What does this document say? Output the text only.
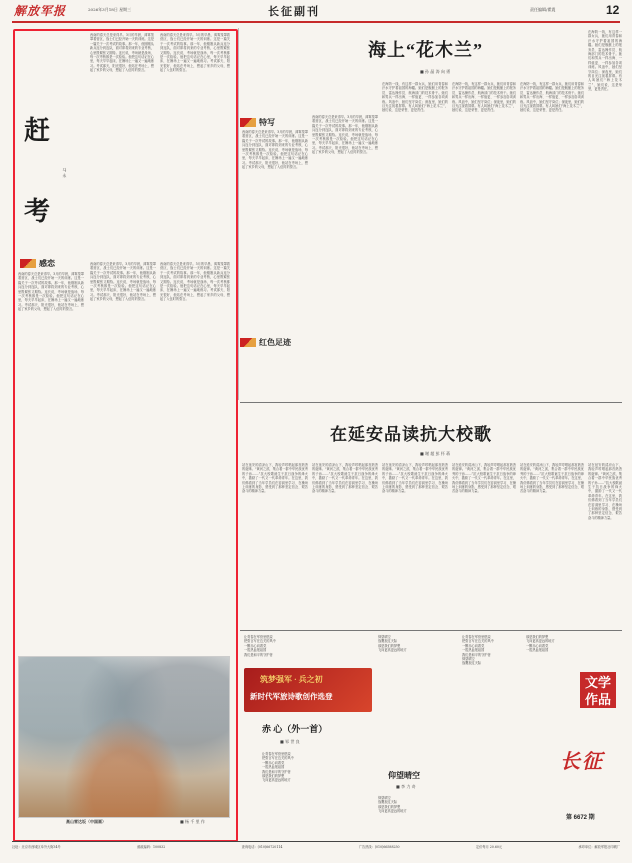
解放军报	2026年3月18日 星期三	长征副刊	责任编辑/翟震	12
赶
考
马 永
西南的春天总是来得早。3月的早晨，薄雾笼罩着营区，战士们已经开始一天的训练。这是一篇关于一次考试的故事。那一年，他刚刚从新兵连分到连队，面对即将到来的专业考核，心里既紧张又期待。连长说，考场就是战场，每一次考核都是一次检验。他把这句话记在心里，每天早早起床，在操场上一遍又一遍地练习。考试那天，阳光很好，他站在考场上，想起了家乡的父母，想起了入伍时的誓言。
西南的春天总是来得早。3月的早晨，薄雾笼罩着营区，战士们已经开始一天的训练。这是一篇关于一次考试的故事。那一年，他刚刚从新兵连分到连队，面对即将到来的专业考核，心里既紧张又期待。连长说，考场就是战场，每一次考核都是一次检验。他把这句话记在心里，每天早早起床，在操场上一遍又一遍地练习。考试那天，阳光很好，他站在考场上，想起了家乡的父母，想起了入伍时的誓言。
感恋
西南的春天总是来得早。3月的早晨，薄雾笼罩着营区，战士们已经开始一天的训练。这是一篇关于一次考试的故事。那一年，他刚刚从新兵连分到连队，面对即将到来的专业考核，心里既紧张又期待。连长说，考场就是战场，每一次考核都是一次检验。他把这句话记在心里，每天早早起床，在操场上一遍又一遍地练习。考试那天，阳光很好，他站在考场上，想起了家乡的父母，想起了入伍时的誓言。
西南的春天总是来得早。3月的早晨，薄雾笼罩着营区，战士们已经开始一天的训练。这是一篇关于一次考试的故事。那一年，他刚刚从新兵连分到连队，面对即将到来的专业考核，心里既紧张又期待。连长说，考场就是战场，每一次考核都是一次检验。他把这句话记在心里，每天早早起床，在操场上一遍又一遍地练习。考试那天，阳光很好，他站在考场上，想起了家乡的父母，想起了入伍时的誓言。
西南的春天总是来得早。3月的早晨，薄雾笼罩着营区，战士们已经开始一天的训练。这是一篇关于一次考试的故事。那一年，他刚刚从新兵连分到连队，面对即将到来的专业考核，心里既紧张又期待。连长说，考场就是战场，每一次考核都是一次检验。他把这句话记在心里，每天早早起床，在操场上一遍又一遍地练习。考试那天，阳光很好，他站在考场上，想起了家乡的父母，想起了入伍时的誓言。
高山雪达坂（中国画）	■ 杨 千 里 作
特写
西南的春天总是来得早。3月的早晨，薄雾笼罩着营区，战士们已经开始一天的训练。这是一篇关于一次考试的故事。那一年，他刚刚从新兵连分到连队，面对即将到来的专业考核，心里既紧张又期待。连长说，考场就是战场，每一次考核都是一次检验。他把这句话记在心里，每天早早起床，在操场上一遍又一遍地练习。考试那天，阳光很好，他站在考场上，想起了家乡的父母，想起了入伍时的誓言。
西南的春天总是来得早。3月的早晨，薄雾笼罩着营区，战士们已经开始一天的训练。这是一篇关于一次考试的故事。那一年，他刚刚从新兵连分到连队，面对即将到来的专业考核，心里既紧张又期待。连长说，考场就是战场，每一次考核都是一次检验。他把这句话记在心里，每天早早起床，在操场上一遍又一遍地练习。考试那天，阳光很好，他站在考场上，想起了家乡的父母，想起了入伍时的誓言。
红色足迹
海上“花木兰”
■ 孙 晶 涛 向 勇
在海防一线，有这样一群女兵，她们用青春和汗水守护着祖国的海疆。她们是舰艇上的报务员、雷达操作员、航海部门的技术骨干。她们和男兵一样出海、一样值更、一样参加各项训练。风浪中，她们坚守岗位；深夜里，她们的目光注视着屏幕。有人叫她们“海上花木兰”，她们说，这是荣誉，更是责任。
在海防一线，有这样一群女兵，她们用青春和汗水守护着祖国的海疆。她们是舰艇上的报务员、雷达操作员、航海部门的技术骨干。她们和男兵一样出海、一样值更、一样参加各项训练。风浪中，她们坚守岗位；深夜里，她们的目光注视着屏幕。有人叫她们“海上花木兰”，她们说，这是荣誉，更是责任。
在海防一线，有这样一群女兵，她们用青春和汗水守护着祖国的海疆。她们是舰艇上的报务员、雷达操作员、航海部门的技术骨干。她们和男兵一样出海、一样值更、一样参加各项训练。风浪中，她们坚守岗位；深夜里，她们的目光注视着屏幕。有人叫她们“海上花木兰”，她们说，这是荣誉，更是责任。
在海防一线，有这样一群女兵，她们用青春和汗水守护着祖国的海疆。她们是舰艇上的报务员、雷达操作员、航海部门的技术骨干。她们和男兵一样出海、一样值更、一样参加各项训练。风浪中，她们坚守岗位；深夜里，她们的目光注视着屏幕。有人叫她们“海上花木兰”，她们说，这是荣誉，更是责任。
在延安品读抗大校歌
■ 谢 超 彭 怀 蒋
站在延安的清凉山下，我轻声哼唱起那首熟悉的旋律。“黄河之滨，集合着一群中华民族优秀的子孙……”抗大校歌诞生于抗日战争的烽火中，激励了一代又一代革命青年。在这里，我仿佛看到了当年学员们在窑洞里学习、在操场上训练的身影，感受到了那种坚定信念、艰苦奋斗的精神力量。
站在延安的清凉山下，我轻声哼唱起那首熟悉的旋律。“黄河之滨，集合着一群中华民族优秀的子孙……”抗大校歌诞生于抗日战争的烽火中，激励了一代又一代革命青年。在这里，我仿佛看到了当年学员们在窑洞里学习、在操场上训练的身影，感受到了那种坚定信念、艰苦奋斗的精神力量。
站在延安的清凉山下，我轻声哼唱起那首熟悉的旋律。“黄河之滨，集合着一群中华民族优秀的子孙……”抗大校歌诞生于抗日战争的烽火中，激励了一代又一代革命青年。在这里，我仿佛看到了当年学员们在窑洞里学习、在操场上训练的身影，感受到了那种坚定信念、艰苦奋斗的精神力量。
站在延安的清凉山下，我轻声哼唱起那首熟悉的旋律。“黄河之滨，集合着一群中华民族优秀的子孙……”抗大校歌诞生于抗日战争的烽火中，激励了一代又一代革命青年。在这里，我仿佛看到了当年学员们在窑洞里学习、在操场上训练的身影，感受到了那种坚定信念、艰苦奋斗的精神力量。
站在延安的清凉山下，我轻声哼唱起那首熟悉的旋律。“黄河之滨，集合着一群中华民族优秀的子孙……”抗大校歌诞生于抗日战争的烽火中，激励了一代又一代革命青年。在这里，我仿佛看到了当年学员们在窑洞里学习、在操场上训练的身影，感受到了那种坚定信念、艰苦奋斗的精神力量。
站在延安的清凉山下，我轻声哼唱起那首熟悉的旋律。“黄河之滨，集合着一群中华民族优秀的子孙……”抗大校歌诞生于抗日战争的烽火中，激励了一代又一代革命青年。在这里，我仿佛看到了当年学员们在窑洞里学习、在操场上训练的身影，感受到了那种坚定信念、艰苦奋斗的精神力量。
让青春在军营里燃烧
把誓言写在边关的风中
一颗赤心向着党
一腔热血报祖国
我们是和平的守护者
筑梦强军 · 兵之初
新时代军旅诗歌创作选登
赤 心（外一首）
■ 邹 世 良
让青春在军营里燃烧
把誓言写在边关的风中
一颗赤心向着党
一腔热血报祖国
我们是和平的守护者
那是我们的梦想
飞向更高更远的地方
仰望晴空
战鹰掠过天际
那是我们的梦想
飞向更高更远的地方
仰望晴空
■ 李 力 奇
仰望晴空
战鹰掠过天际
那是我们的梦想
飞向更高更远的地方
让青春在军营里燃烧
把誓言写在边关的风中
一颗赤心向着党
一腔热血报祖国
我们是和平的守护者
仰望晴空
战鹰掠过天际
那是我们的梦想
飞向更高更远的地方
一颗赤心向着党
一腔热血报祖国
文学作品
长征
第 6672 期
社址：北京市西城区阜外大街34号	邮政编码：100832	查询电话：(010)66720114	广告热线：(010)66588250	定价每月 20.60元	承印单位：解放军报社印刷厂
